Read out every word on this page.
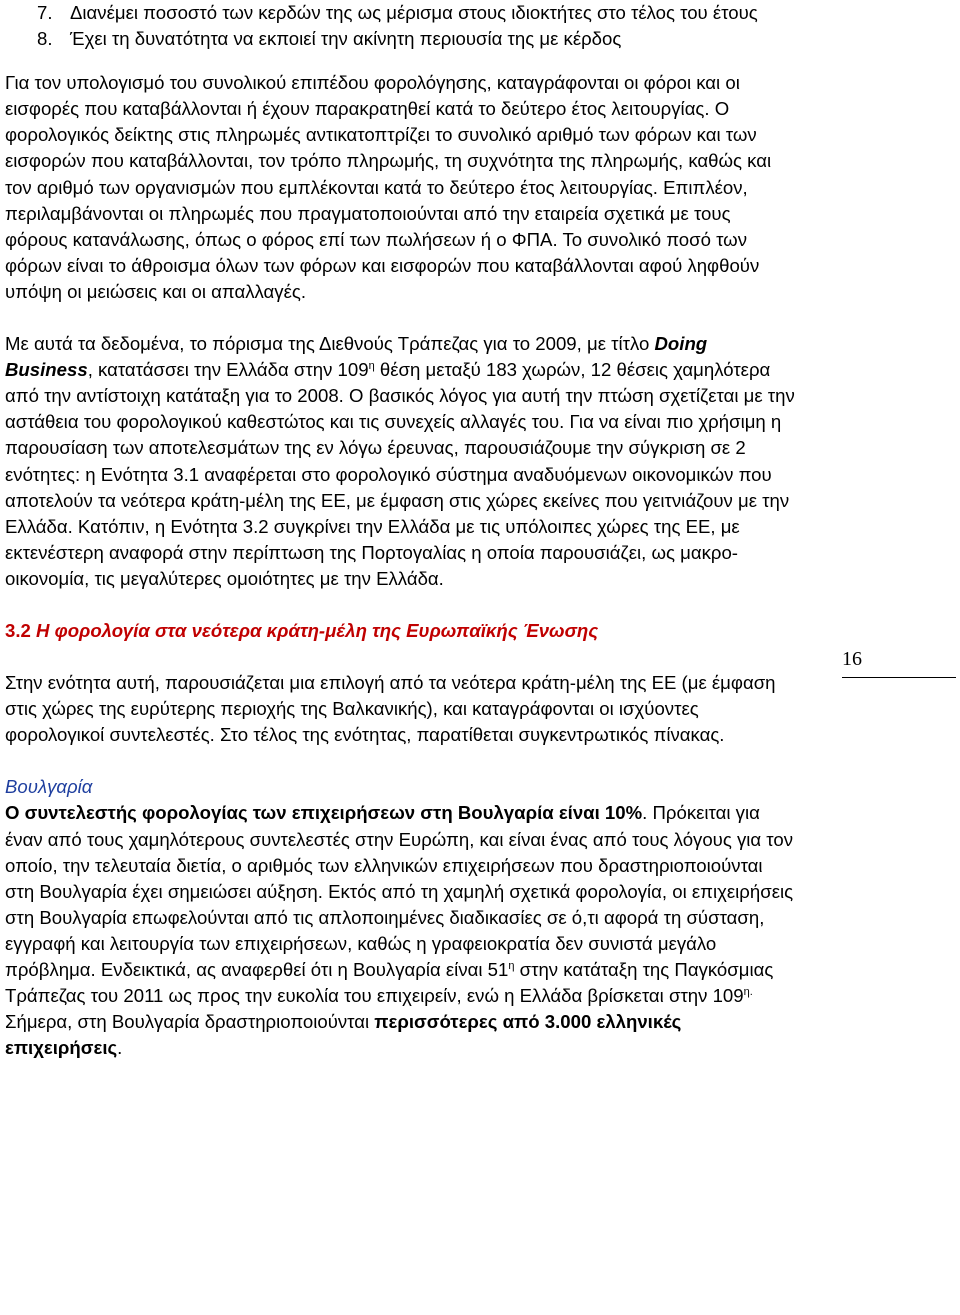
7. Διανέμει ποσοστό των κερδών της ως μέρισμα στους ιδιοκτήτες στο τέλος του έτους
8. Έχει τη δυνατότητα να εκποιεί την ακίνητη περιουσία της με κέρδος

Για τον υπολογισμό του συνολικού επιπέδου φορολόγησης, καταγράφονται οι φόροι και οι εισφορές που καταβάλλονται ή έχουν παρακρατηθεί κατά το δεύτερο έτος λειτουργίας. Ο φορολογικός δείκτης στις πληρωμές αντικατοπτρίζει το συνολικό αριθμό των φόρων και των εισφορών που καταβάλλονται, τον τρόπο πληρωμής, τη συχνότητα της πληρωμής, καθώς και τον αριθμό των οργανισμών που εμπλέκονται κατά το δεύτερο έτος λειτουργίας. Επιπλέον, περιλαμβάνονται οι πληρωμές που πραγματοποιούνται από την εταιρεία σχετικά με τους φόρους κατανάλωσης, όπως ο φόρος επί των πωλήσεων ή ο ΦΠΑ. Το συνολικό ποσό των φόρων είναι το άθροισμα όλων των φόρων και εισφορών που καταβάλλονται αφού ληφθούν υπόψη οι μειώσεις και οι απαλλαγές.

Με αυτά τα δεδομένα, το πόρισμα της Διεθνούς Τράπεζας για το 2009, με τίτλο Doing Business, κατατάσσει την Ελλάδα στην $109^\eta$ θέση μεταξύ 183 χωρών, 12 θέσεις χαμηλότερα από την αντίστοιχη κατάταξη για το 2008. Ο βασικός λόγος για αυτή την πτώση σχετίζεται με την αστάθεια του φορολογικού καθεστώτος και τις συνεχείς αλλαγές του. Για να είναι πιο χρήσιμη η παρουσίαση των αποτελεσμάτων της εν λόγω έρευνας, παρουσιάζουμε την σύγκριση σε 2 ενότητες: η Ενότητα 3.1 αναφέρεται στο φορολογικό σύστημα αναδυόμενων οικονομικών που αποτελούν τα νεότερα κράτη-μέλη της ΕΕ, με έμφαση στις χώρες εκείνες που γειτνιάζουν με την Ελλάδα. Κατόπιν, η Ενότητα 3.2 συγκρίνει την Ελλάδα με τις υπόλοιπες χώρες της ΕΕ, με εκτενέστερη αναφορά στην περίπτωση της Πορτογαλίας η οποία παρουσιάζει, ως μακρο-οικονομία, τις μεγαλύτερες ομοιότητες με την Ελλάδα.

3.2 Η φορολογία στα νεότερα κράτη-μέλη της Ευρωπαϊκής Ένωσης

Στην ενότητα αυτή, παρουσιάζεται μια επιλογή από τα νεότερα κράτη-μέλη της ΕΕ (με έμφαση στις χώρες της ευρύτερης περιοχής της Βαλκανικής), και καταγράφονται οι ισχύοντες φορολογικοί συντελεστές. Στο τέλος της ενότητας, παρατίθεται συγκεντρωτικός πίνακας.

Βουλγαρία

Ο συντελεστής φορολογίας των επιχειρήσεων στη Βουλγαρία είναι 10%. Πρόκειται για έναν από τους χαμηλότερους συντελεστές στην Ευρώπη, και είναι ένας από τους λόγους για τον οποίο, την τελευταία διετία, ο αριθμός των ελληνικών επιχειρήσεων που δραστηριοποιούνται στη Βουλγαρία έχει σημειώσει αύξηση. Εκτός από τη χαμηλή σχετικά φορολογία, οι επιχειρήσεις στη Βουλγαρία επωφελούνται από τις απλοποιημένες διαδικασίες σε ό,τι αφορά τη σύσταση, εγγραφή και λειτουργία των επιχειρήσεων, καθώς η γραφειοκρατία δεν συνιστά μεγάλο πρόβλημα. Ενδεικτικά, ας αναφερθεί ότι η Βουλγαρία είναι $51^\eta$ στην κατάταξη της Παγκόσμιας Τράπεζας του 2011 ως προς την ευκολία του επιχειρείν, ενώ η Ελλάδα βρίσκεται στην $109^{\eta.}$ Σήμερα, στη Βουλγαρία δραστηριοποιούνται περισσότερες από 3.000 ελληνικές επιχειρήσεις.

16
